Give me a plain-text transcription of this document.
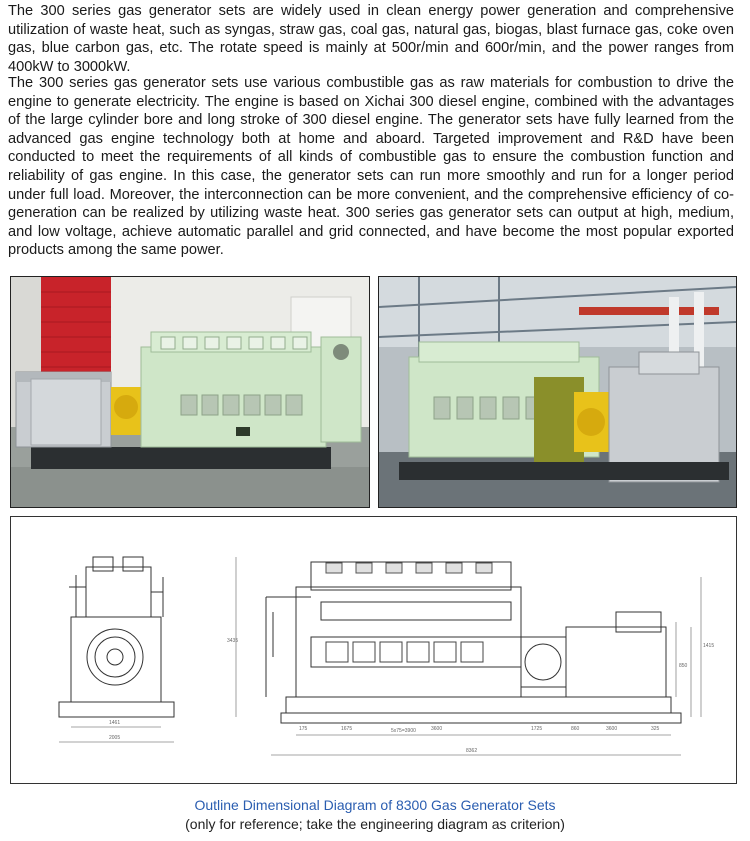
The 300 series gas generator sets are widely used in clean energy power generation and comprehensive utilization of waste heat, such as syngas, straw gas, coal gas, natural gas, biogas, blast furnace gas, coke oven gas, blue carbon gas, etc. The rotate speed is mainly at 500r/min and 600r/min, and the power ranges from 400kW to 3000kW.

The 300 series gas generator sets use various combustible gas as raw materials for combustion to drive the engine to generate electricity. The engine is based on Xichai 300 diesel engine, combined with the advantages of the large cylinder bore and long stroke of 300 diesel engine. The generator sets have fully learned from the advanced gas engine technology both at home and aboard. Targeted improvement and R&D have been conducted to meet the requirements of all kinds of combustible gas to ensure the combustion function and reliability of gas engine. In this case, the generator sets can run more smoothly and run for a longer period under full load. Moreover, the interconnection can be more convenient, and the comprehensive efficiency of co-generation can be realized by utilizing waste heat. 300 series gas generator sets can output at high, medium, and low voltage, achieve automatic parallel and grid connected, and have become the most popular exported products among the same power.

1461
2005
3435
5x75=3900
8362
175	1675	3600	1725	860	3600	325
1415
850
Outline Dimensional Diagram of 8300 Gas Generator Sets
(only for reference; take the engineering diagram as criterion)
